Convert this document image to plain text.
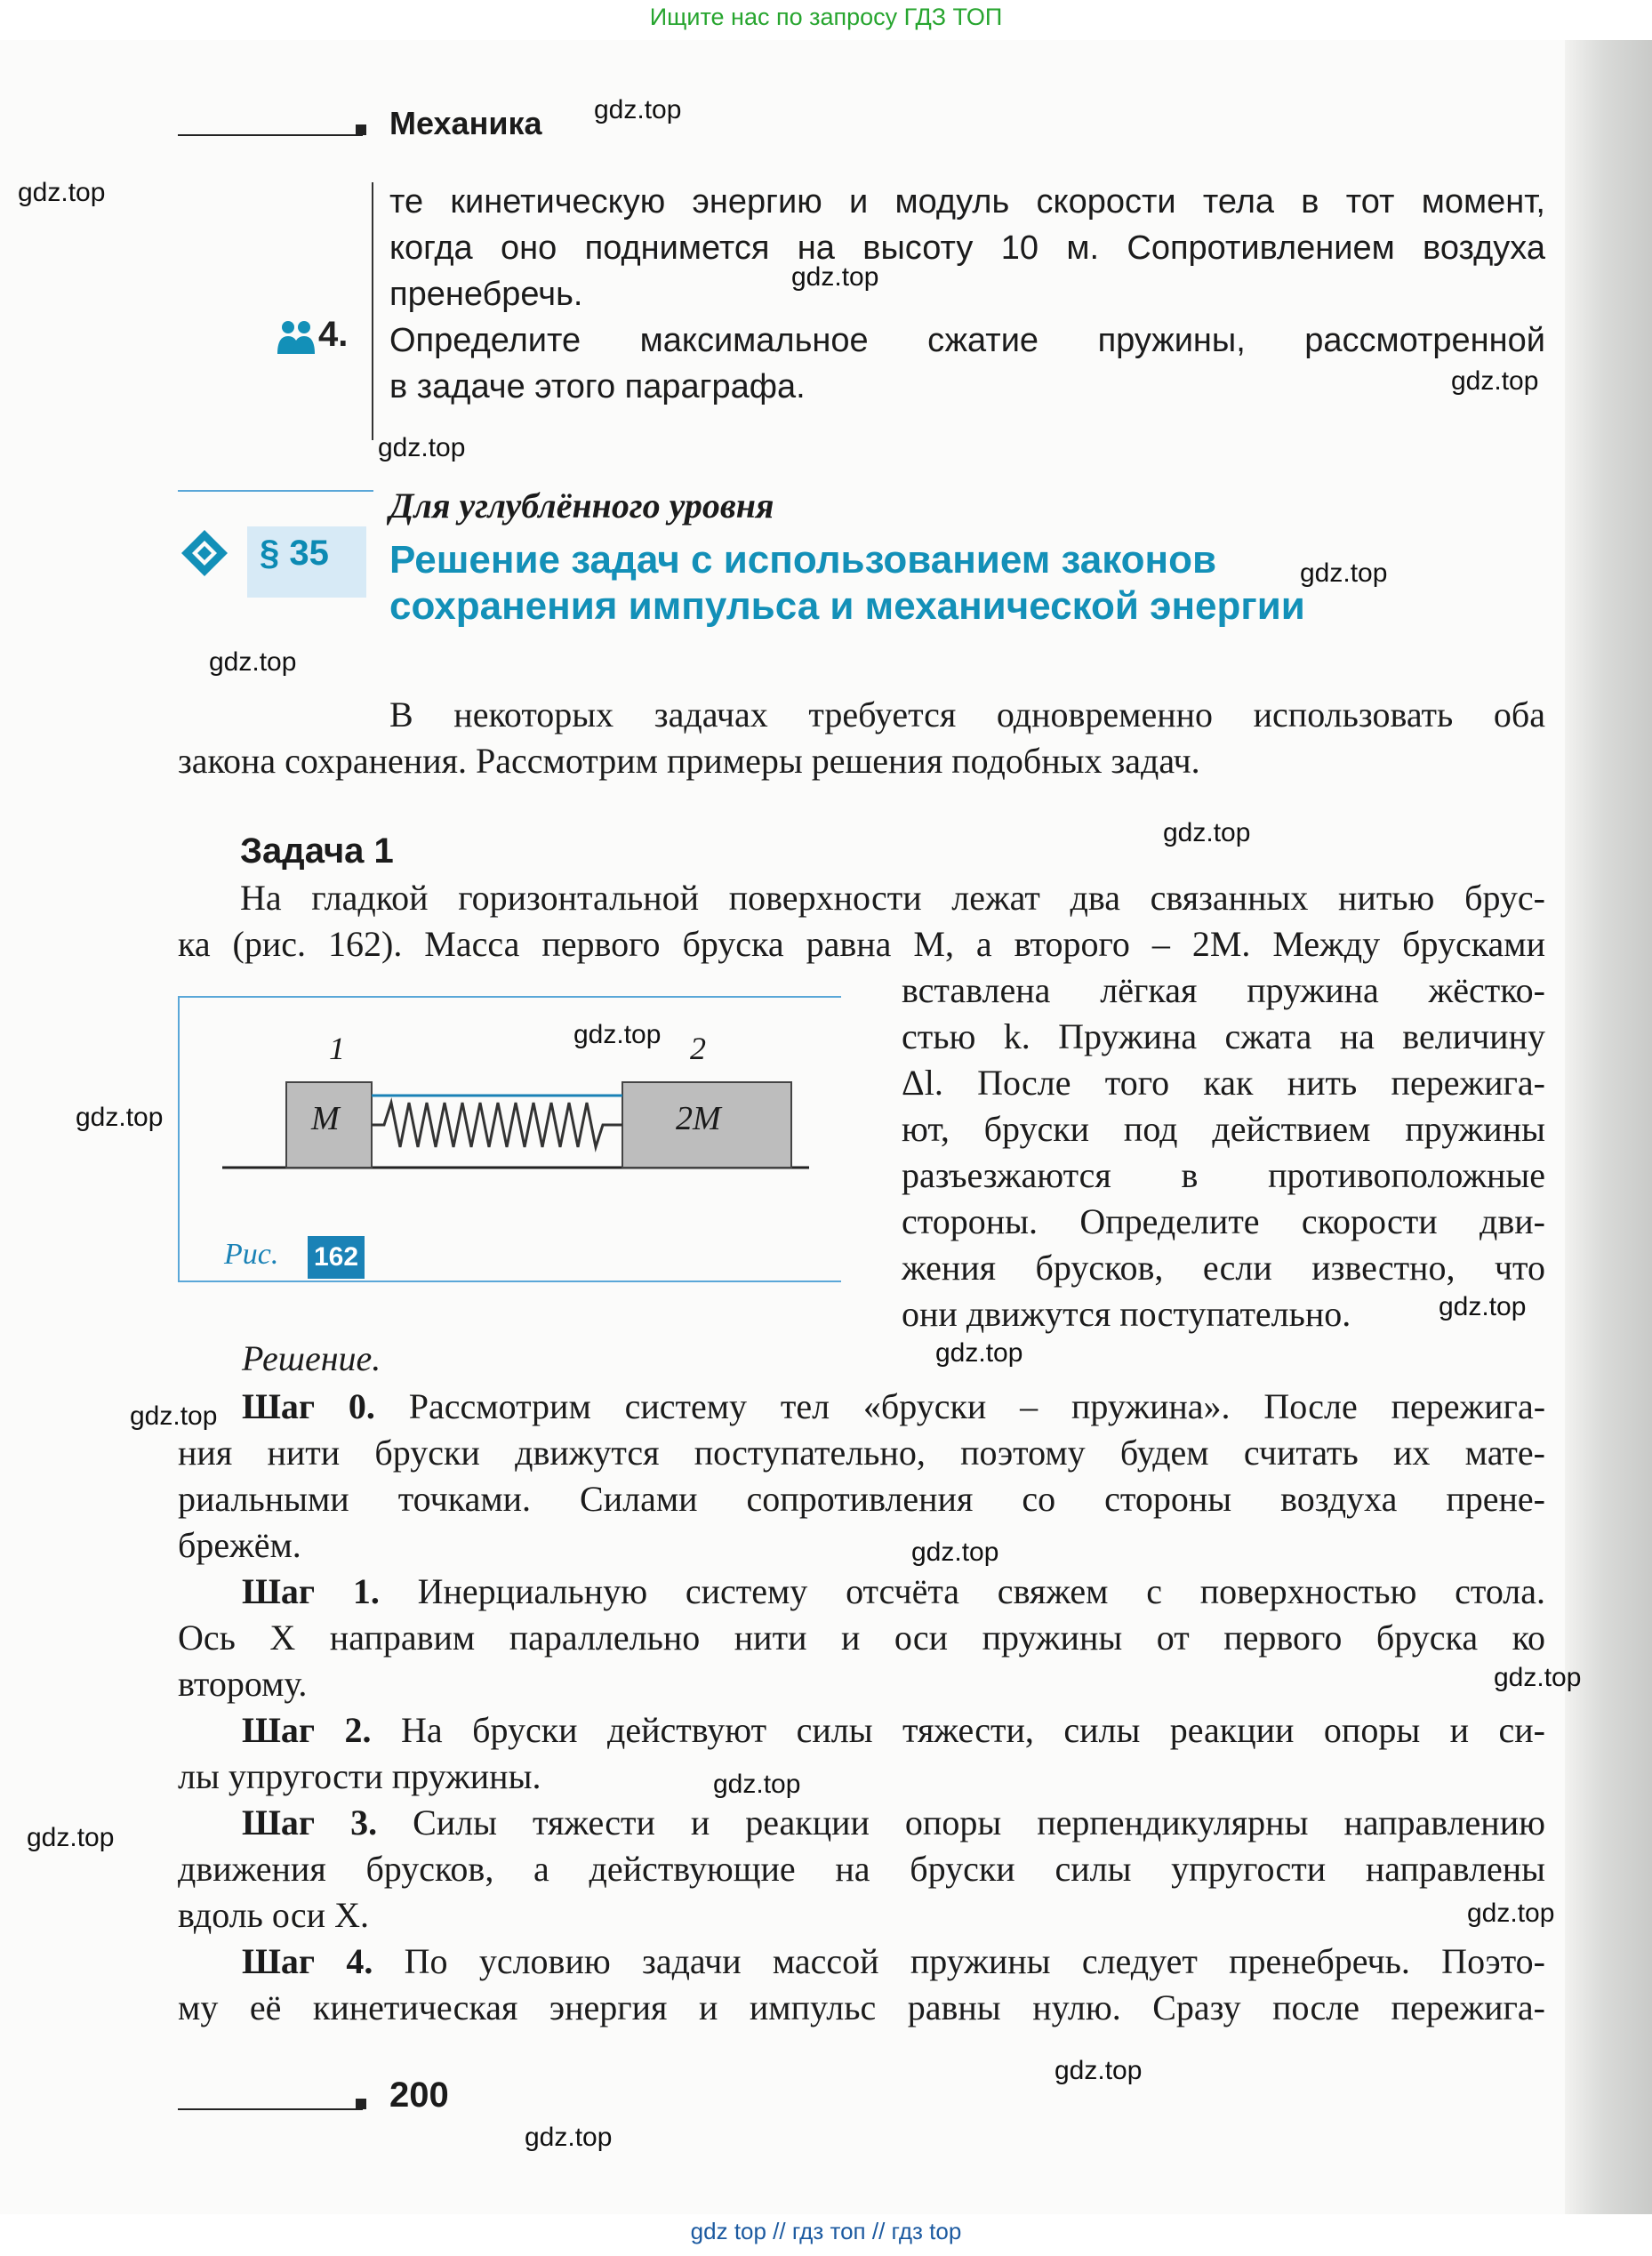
Ищите нас по запросу ГДЗ ТОП
Механика
те кинетическую энергию и модуль скорости тела в тот момент,
когда оно поднимется на высоту 10 м. Сопротивлением воздуха
пренебречь.
4. Определите максимальное сжатие пружины, рассмотренной
в задаче этого параграфа.
Для углублённого уровня
§ 35 Решение задач с использованием законов
сохранения импульса и механической энергии
В некоторых задачах требуется одновременно использовать оба
закона сохранения. Рассмотрим примеры решения подобных задач.
Задача 1
На гладкой горизонтальной поверхности лежат два связанных нитью брус-
ка (рис. 162). Масса первого бруска равна M, а второго – 2M. Между брусками
вставлена лёгкая пружина жёстко-
стью k. Пружина сжата на величину
Δl. После того как нить пережига-
ют, бруски под действием пружины
разъезжаются в противоположные
стороны. Определите скорости дви-
жения брусков, если известно, что
они движутся поступательно.
1	2
M	2M
Рис. 162
Решение.
Шаг 0. Рассмотрим систему тел «бруски – пружина». После пережига-
ния нити бруски движутся поступательно, поэтому будем считать их мате-
риальными точками. Силами сопротивления со стороны воздуха прене-
брежём.
Шаг 1. Инерциальную систему отсчёта свяжем с поверхностью стола.
Ось X направим параллельно нити и оси пружины от первого бруска ко
второму.
Шаг 2. На бруски действуют силы тяжести, силы реакции опоры и си-
лы упругости пружины.
Шаг 3. Силы тяжести и реакции опоры перпендикулярны направлению
движения брусков, а действующие на бруски силы упругости направлены
вдоль оси X.
Шаг 4. По условию задачи массой пружины следует пренебречь. Поэто-
му её кинетическая энергия и импульс равны нулю. Сразу после пережига-
200
gdz.top
gdz.top
gdz.top
gdz.top
gdz.top
gdz.top
gdz.top
gdz.top
gdz.top
gdz.top
gdz.top
gdz.top
gdz.top
gdz.top
gdz.top
gdz.top
gdz.top
gdz.top
gdz.top
gdz.top
gdz top // гдз топ // гдз top
